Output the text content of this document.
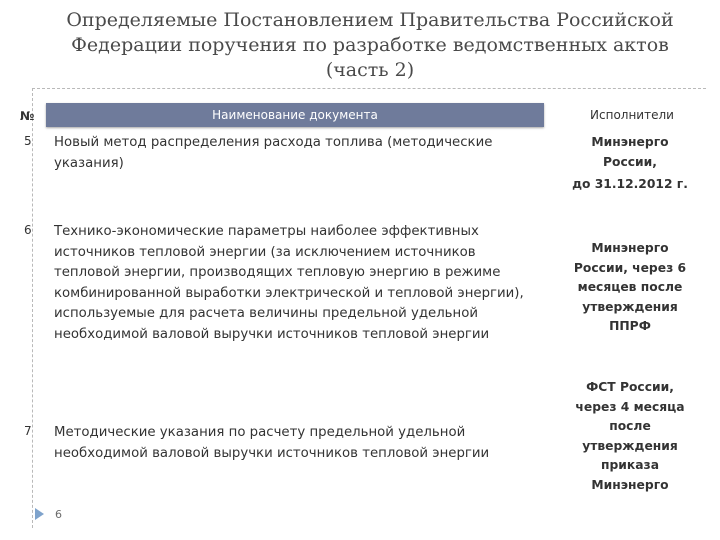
Определяемые Постановлением Правительства Российской
Федерации поручения по разработке ведомственных актов
(часть 2)
№	Наименование документа	Исполнители
5 Новый метод распределения расхода топлива (методические указания)
Минэнерго
России,
до 31.12.2012 г.
6 Технико-экономические параметры наиболее эффективных источников тепловой энергии (за исключением источников тепловой энергии, производящих тепловую энергию в режиме комбинированной выработки электрической и тепловой энергии), используемые для расчета величины предельной удельной необходимой валовой выручки источников тепловой энергии
Минэнерго
России, через 6
месяцев после
утверждения
ППРФ
7 Методические указания по расчету предельной удельной необходимой валовой выручки источников тепловой энергии
ФСТ России,
через 4 месяца
после
утверждения
приказа
Минэнерго
6
